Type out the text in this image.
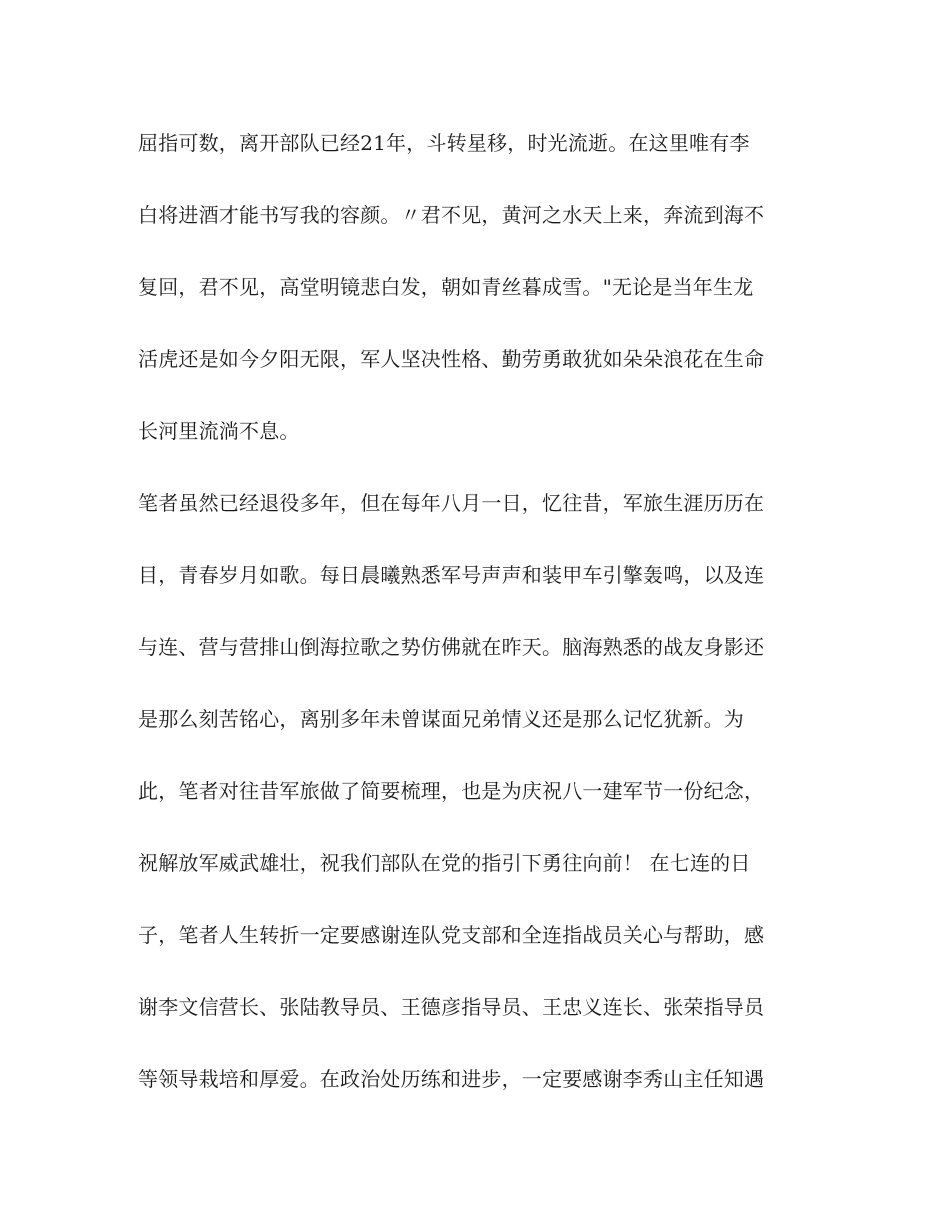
屈指可数，离开部队已经21年，斗转星移，时光流逝。在这里唯有李
白将进酒才能书写我的容颜。〃君不见，黄河之水天上来，奔流到海不
复回，君不见，高堂明镜悲白发，朝如青丝暮成雪。"无论是当年生龙
活虎还是如今夕阳无限，军人坚决性格、勤劳勇敢犹如朵朵浪花在生命
长河里流淌不息。
笔者虽然已经退役多年，但在每年八月一日，忆往昔，军旅生涯历历在
目，青春岁月如歌。每日晨曦熟悉军号声声和装甲车引擎轰鸣，以及连
与连、营与营排山倒海拉歌之势仿佛就在昨天。脑海熟悉的战友身影还
是那么刻苦铭心，离别多年未曾谋面兄弟情义还是那么记忆犹新。为
此，笔者对往昔军旅做了简要梳理，也是为庆祝八一建军节一份纪念，
祝解放军威武雄壮，祝我们部队在党的指引下勇往向前！ 在七连的日
子，笔者人生转折一定要感谢连队党支部和全连指战员关心与帮助，感
谢李文信营长、张陆教导员、王德彦指导员、王忠义连长、张荣指导员
等领导栽培和厚爱。在政治处历练和进步，一定要感谢李秀山主任知遇
